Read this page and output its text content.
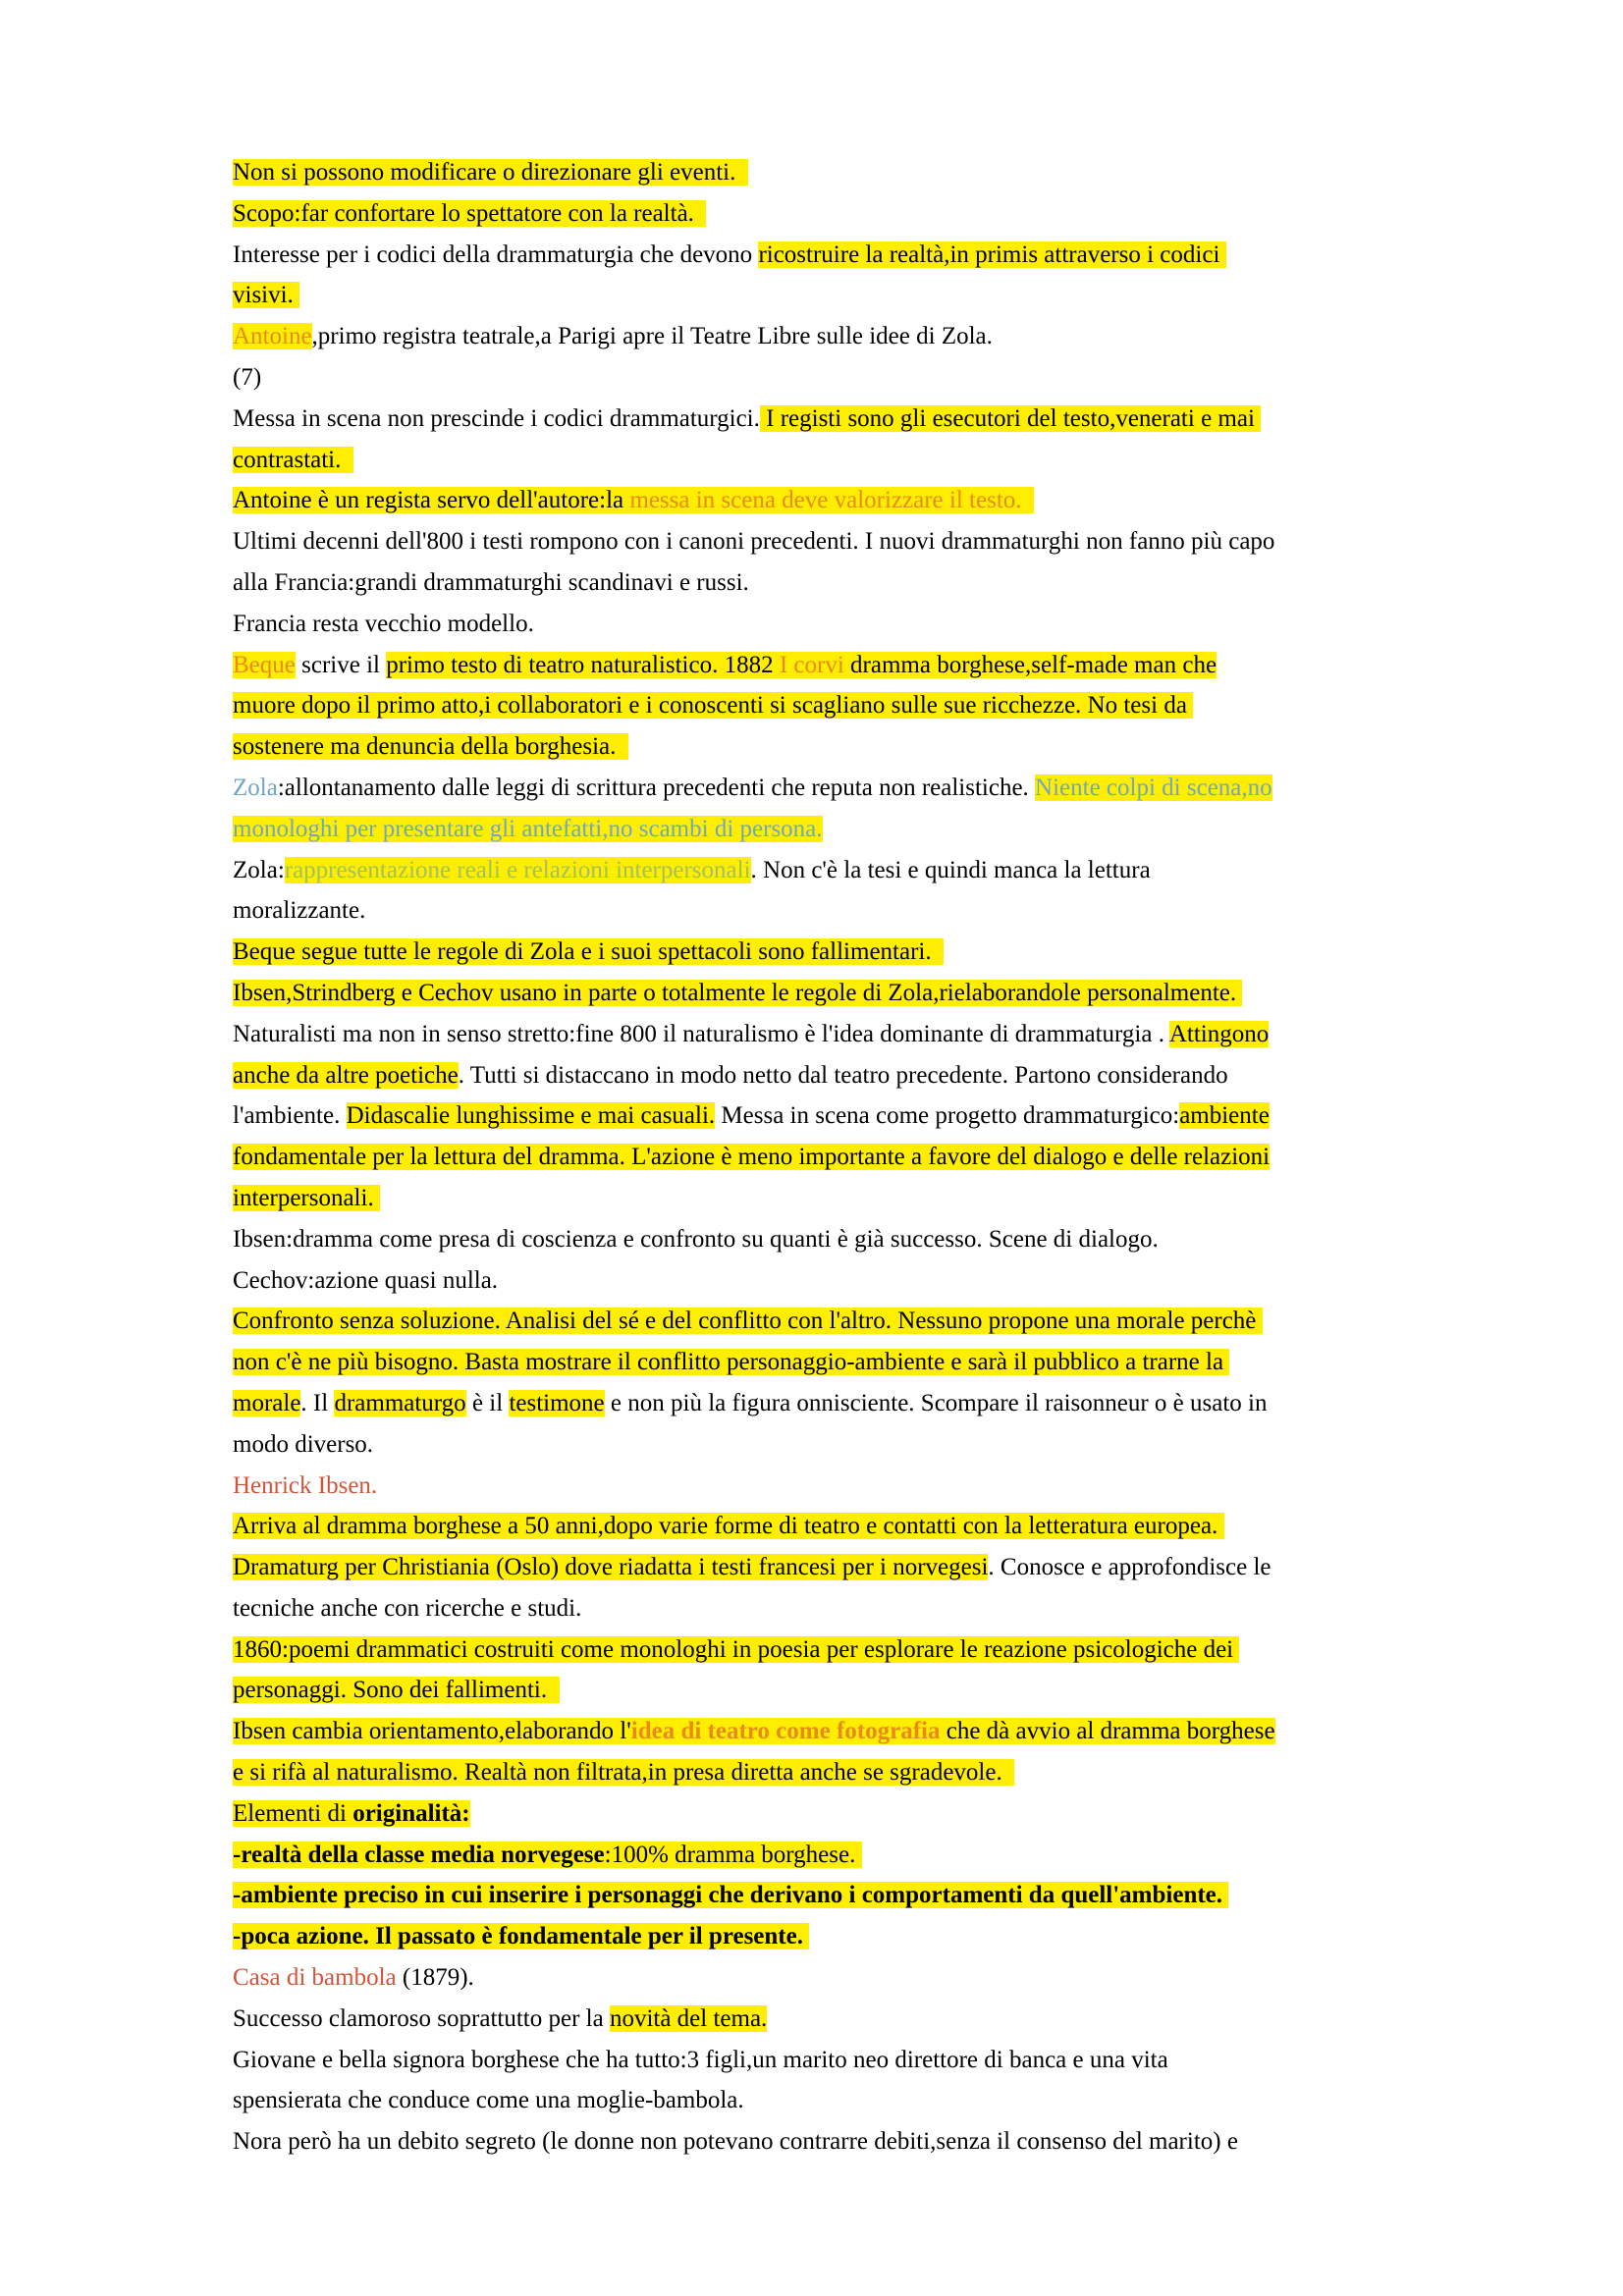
Non si possono modificare o direzionare gli eventi.
Scopo:far confortare lo spettatore con la realtà.
Interesse per i codici della drammaturgia che devono ricostruire la realtà,in primis attraverso i codici
visivi.
Antoine,primo registra teatrale,a Parigi apre il Teatre Libre sulle idee di Zola.
(7)
Messa in scena non prescinde i codici drammaturgici. I registi sono gli esecutori del testo,venerati e mai
contrastati.
Antoine è un regista servo dell'autore:la messa in scena deve valorizzare il testo.
Ultimi decenni dell'800 i testi rompono con i canoni precedenti. I nuovi drammaturghi non fanno più capo
alla Francia:grandi drammaturghi scandinavi e russi.
Francia resta vecchio modello.
Beque scrive il primo testo di teatro naturalistico. 1882 I corvi dramma borghese,self-made man che
muore dopo il primo atto,i collaboratori e i conoscenti si scagliano sulle sue ricchezze. No tesi da
sostenere ma denuncia della borghesia.
Zola:allontanamento dalle leggi di scrittura precedenti che reputa non realistiche. Niente colpi di scena,no
monologhi per presentare gli antefatti,no scambi di persona.
Zola:rappresentazione reali e relazioni interpersonali. Non c'è la tesi e quindi manca la lettura
moralizzante.
Beque segue tutte le regole di Zola e i suoi spettacoli sono fallimentari.
Ibsen,Strindberg e Cechov usano in parte o totalmente le regole di Zola,rielaborandole personalmente.
Naturalisti ma non in senso stretto:fine 800 il naturalismo è l'idea dominante di drammaturgia . Attingono
anche da altre poetiche. Tutti si distaccano in modo netto dal teatro precedente. Partono considerando
l'ambiente. Didascalie lunghissime e mai casuali. Messa in scena come progetto drammaturgico:ambiente
fondamentale per la lettura del dramma. L'azione è meno importante a favore del dialogo e delle relazioni
interpersonali.
Ibsen:dramma come presa di coscienza e confronto su quanti è già successo. Scene di dialogo.
Cechov:azione quasi nulla.
Confronto senza soluzione. Analisi del sé e del conflitto con l'altro. Nessuno propone una morale perchè
non c'è ne più bisogno. Basta mostrare il conflitto personaggio-ambiente e sarà il pubblico a trarne la
morale. Il drammaturgo è il testimone e non più la figura onnisciente. Scompare il raisonneur o è usato in
modo diverso.
Henrick Ibsen.
Arriva al dramma borghese a 50 anni,dopo varie forme di teatro e contatti con la letteratura europea.
Dramaturg per Christiania (Oslo) dove riadatta i testi francesi per i norvegesi. Conosce e approfondisce le
tecniche anche con ricerche e studi.
1860:poemi drammatici costruiti come monologhi in poesia per esplorare le reazione psicologiche dei
personaggi. Sono dei fallimenti.
Ibsen cambia orientamento,elaborando l'idea di teatro come fotografia che dà avvio al dramma borghese
e si rifà al naturalismo. Realtà non filtrata,in presa diretta anche se sgradevole.
Elementi di originalità:
-realtà della classe media norvegese:100% dramma borghese.
-ambiente preciso in cui inserire i personaggi che derivano i comportamenti da quell'ambiente.
-poca azione. Il passato è fondamentale per il presente.
Casa di bambola (1879).
Successo clamoroso soprattutto per la novità del tema.
Giovane e bella signora borghese che ha tutto:3 figli,un marito neo direttore di banca e una vita
spensierata che conduce come una moglie-bambola.
Nora però ha un debito segreto (le donne non potevano contrarre debiti,senza il consenso del marito) e
